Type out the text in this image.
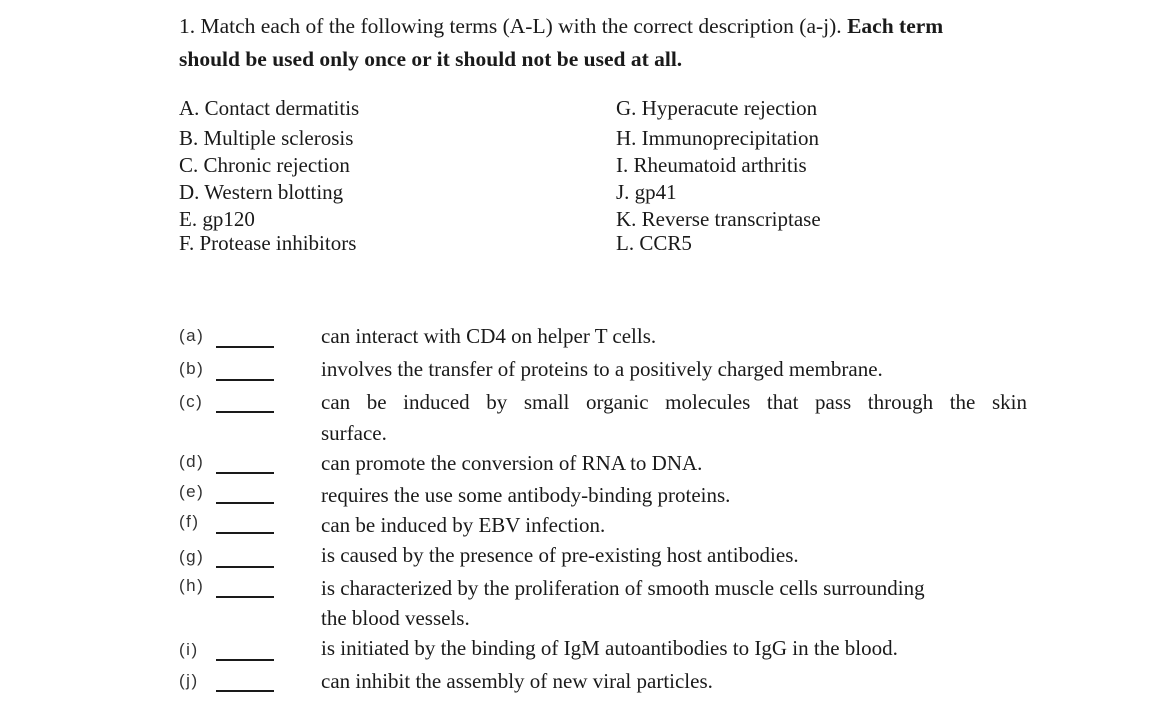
1. Match each of the following terms (A-L) with the correct description (a-j). Each term
should be used only once or it should not be used at all.
A. Contact dermatitis
B. Multiple sclerosis
C. Chronic rejection
D. Western blotting
E. gp120
F. Protease inhibitors
G. Hyperacute rejection
H. Immunoprecipitation
I. Rheumatoid arthritis
J. gp41
K. Reverse transcriptase
L. CCR5
(a)	can interact with CD4 on helper T cells.
(b)	involves the transfer of proteins to a positively charged membrane.
(c)	can be induced by small organic molecules that pass through the skin
surface.
(d)	can promote the conversion of RNA to DNA.
(e)	requires the use some antibody-binding proteins.
(f)	can be induced by EBV infection.
(g)	is caused by the presence of pre-existing host antibodies.
(h)	is characterized by the proliferation of smooth muscle cells surrounding
the blood vessels.
(i)	is initiated by the binding of IgM autoantibodies to IgG in the blood.
(j)	can inhibit the assembly of new viral particles.
